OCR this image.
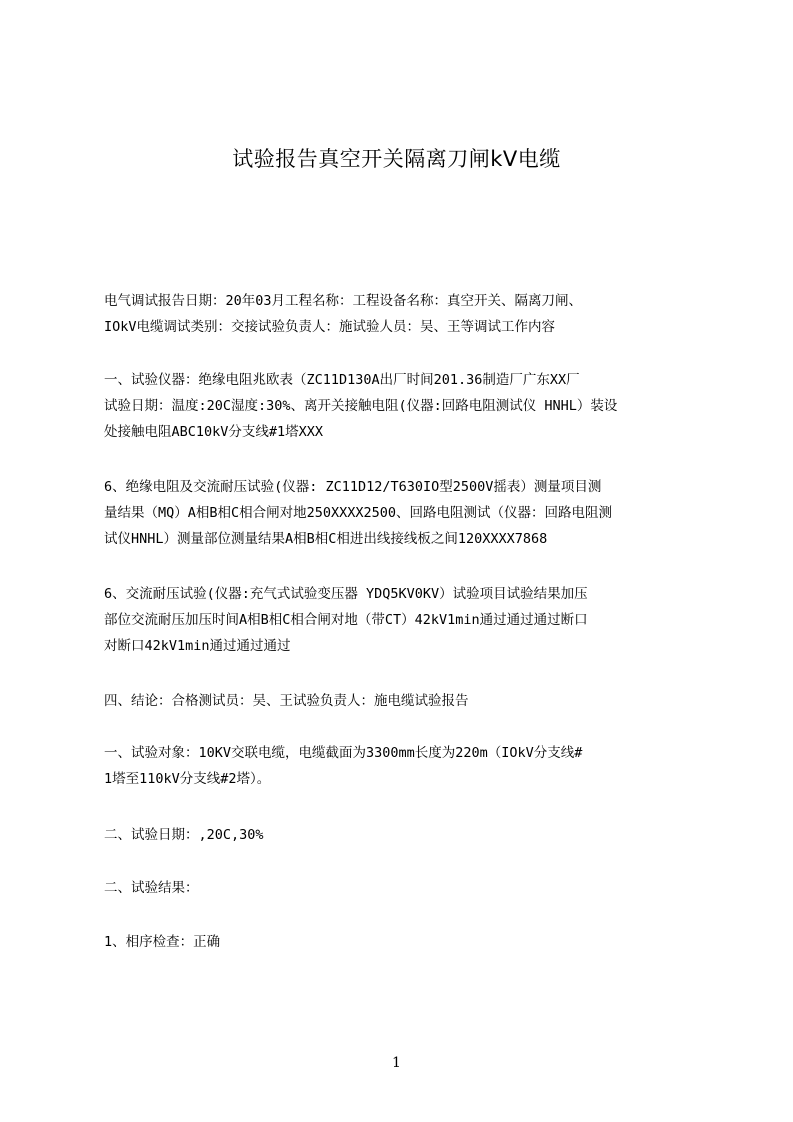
试验报告真空开关隔离刀闸kV电缆
电气调试报告日期：20年03月工程名称：工程设备名称：真空开关、隔离刀闸、
IOkV电缆调试类别：交接试验负责人：施试验人员：吴、王等调试工作内容
一、试验仪器：绝缘电阻兆欧表（ZC11D130A出厂时间201.36制造厂广东XX厂
试验日期：温度:20C湿度:30%、离开关接触电阻(仪器:回路电阻测试仪 HNHL）装设
处接触电阻ABC10kV分支线#1塔XXX
6、绝缘电阻及交流耐压试验(仪器: ZC11D12/T630IO型2500V摇表）测量项目测
量结果（MQ）A相B相C相合闸对地250XXXX2500、回路电阻测试（仪器：回路电阻测
试仪HNHL）测量部位测量结果A相B相C相进出线接线板之间120XXXX7868
6、交流耐压试验(仪器:充气式试验变压器 YDQ5KV0KV）试验项目试验结果加压
部位交流耐压加压时间A相B相C相合闸对地（带CT）42kV1min通过通过通过断口
对断口42kV1min通过通过通过
四、结论：合格测试员：吴、王试验负责人：施电缆试验报告
一、试验对象：10KV交联电缆，电缆截面为3300mm长度为220m（IOkV分支线#
1塔至110kV分支线#2塔）。
二、试验日期：,20C,30%
二、试验结果：
1、相序检查：正确
1
